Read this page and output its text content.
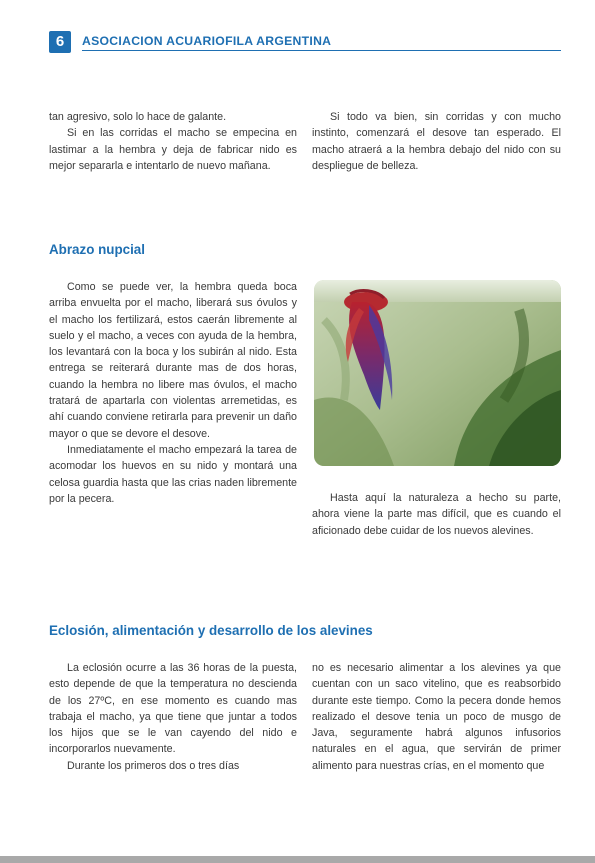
6	ASOCIACION ACUARIOFILA ARGENTINA

tan agresivo, solo lo hace de galante.

Si en las corridas el macho se empecina en lastimar a la hembra y deja de fabricar nido es mejor separarla e intentarlo de nuevo mañana.

Si todo va bien, sin corridas y con mucho instinto, comenzará el desove tan esperado. El macho atraerá a la hembra debajo del nido con su despliegue de belleza.

Abrazo nupcial

Como se puede ver, la hembra queda boca arriba envuelta por el macho, liberará sus óvulos y el macho los fertilizará, estos caerán libremente al suelo y el macho, a veces con ayuda de la hembra, los levantará con la boca y los subirán al nido. Esta entrega se reiterará durante mas de dos horas, cuando la hembra no libere mas óvulos, el macho tratará de apartarla con violentas arremetidas, es ahí cuando conviene retirarla para prevenir un daño mayor o que se devore el desove.

Inmediatamente el macho empezará la tarea de acomodar los huevos en su nido y montará una celosa guardia hasta que las crias naden libremente por la pecera.	Hasta aquí la naturaleza a hecho su parte, ahora viene la parte mas difícil, que es cuando el aficionado debe cuidar de los nuevos alevines.

Eclosión, alimentación y desarrollo de los alevines

La eclosión ocurre a las 36 horas de la puesta, esto depende de que la temperatura no descienda de los 27ºC, en ese momento es cuando mas trabaja el macho, ya que tiene que juntar a todos los hijos que se le van cayendo del nido e incorporarlos nuevamente.

Durante los primeros dos o tres días

no es necesario alimentar a los alevines ya que cuentan con un saco vitelino, que es reabsorbido durante este tiempo. Como la pecera donde hemos realizado el desove tenia un poco de musgo de Java, seguramente habrá algunos infusorios naturales en el agua, que servirán de primer alimento para nuestras crías, en el momento que
